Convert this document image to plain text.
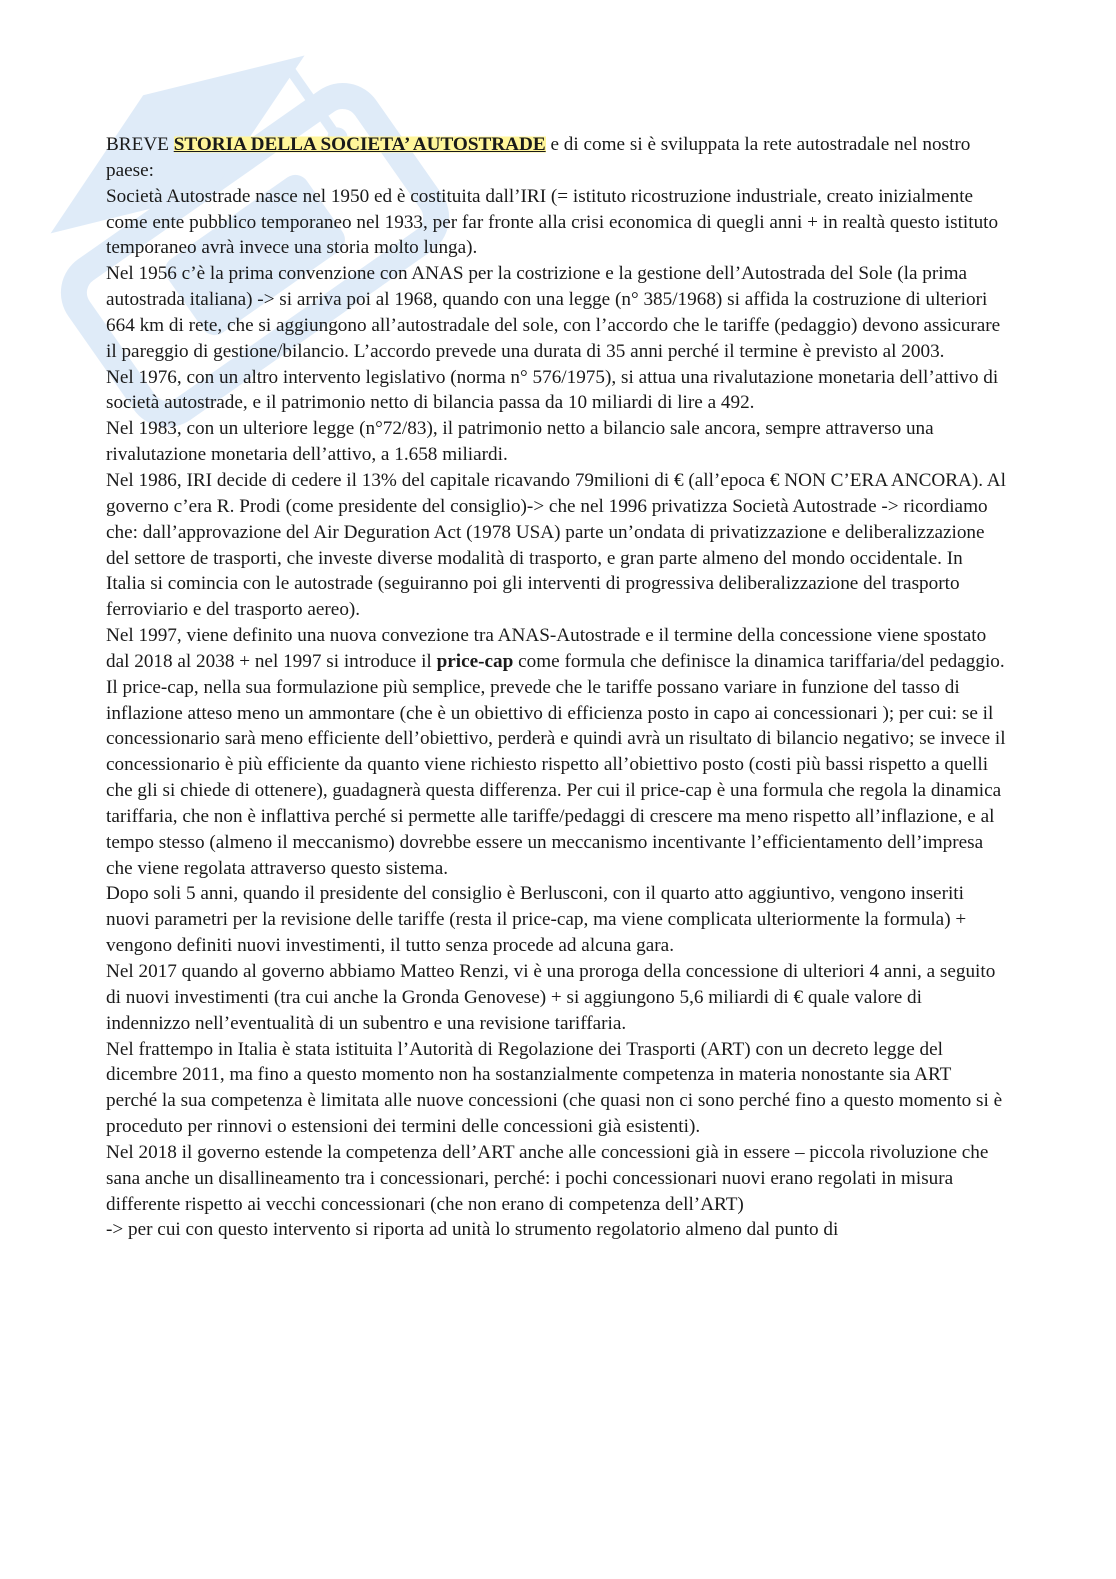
BREVE STORIA DELLA SOCIETA’ AUTOSTRADE e di come si è sviluppata la rete autostradale nel nostro paese:

Società Autostrade nasce nel 1950 ed è costituita dall’IRI (= istituto ricostruzione industriale, creato inizialmente come ente pubblico temporaneo nel 1933, per far fronte alla crisi economica di quegli anni + in realtà questo istituto temporaneo avrà invece una storia molto lunga).

Nel 1956 c’è la prima convenzione con ANAS per la costrizione e la gestione dell’Autostrada del Sole (la prima autostrada italiana) -> si arriva poi al 1968, quando con una legge (n° 385/1968) si affida la costruzione di ulteriori 664 km di rete, che si aggiungono all’autostradale del sole, con l’accordo che le tariffe (pedaggio) devono assicurare il pareggio di gestione/bilancio. L’accordo prevede una durata di 35 anni perché il termine è previsto al 2003.

Nel 1976, con un altro intervento legislativo (norma n° 576/1975), si attua una rivalutazione monetaria dell’attivo di società autostrade, e il patrimonio netto di bilancia passa da 10 miliardi di lire a 492.

Nel 1983, con un ulteriore legge (n°72/83), il patrimonio netto a bilancio sale ancora, sempre attraverso una rivalutazione monetaria dell’attivo, a 1.658 miliardi.

Nel 1986, IRI decide di cedere il 13% del capitale ricavando 79milioni di € (all’epoca € NON C’ERA ANCORA). Al governo c’era R. Prodi (come presidente del consiglio)-> che nel 1996 privatizza Società Autostrade -> ricordiamo che: dall’approvazione del Air Deguration Act (1978 USA) parte un’ondata di privatizzazione e deliberalizzazione del settore de trasporti, che investe diverse modalità di trasporto, e gran parte almeno del mondo occidentale. In Italia si comincia con le autostrade (seguiranno poi gli interventi di progressiva deliberalizzazione del trasporto ferroviario e del trasporto aereo).

Nel 1997, viene definito una nuova convezione tra ANAS-Autostrade e il termine della concessione viene spostato dal 2018 al 2038 + nel 1997 si introduce il price-cap come formula che definisce la dinamica tariffaria/del pedaggio.

Il price-cap, nella sua formulazione più semplice, prevede che le tariffe possano variare in funzione del tasso di inflazione atteso meno un ammontare (che è un obiettivo di efficienza posto in capo ai concessionari ); per cui: se il concessionario sarà meno efficiente dell’obiettivo, perderà e quindi avrà un risultato di bilancio negativo; se invece il concessionario è più efficiente da quanto viene richiesto rispetto all’obiettivo posto (costi più bassi rispetto a quelli che gli si chiede di ottenere), guadagnerà questa differenza. Per cui il price-cap è una formula che regola la dinamica tariffaria, che non è inflattiva perché si permette alle tariffe/pedaggi di crescere ma meno rispetto all’inflazione, e al tempo stesso (almeno il meccanismo) dovrebbe essere un meccanismo incentivante l’efficientamento dell’impresa che viene regolata attraverso questo sistema.

Dopo soli 5 anni, quando il presidente del consiglio è Berlusconi, con il quarto atto aggiuntivo, vengono inseriti nuovi parametri per la revisione delle tariffe (resta il price-cap, ma viene complicata ulteriormente la formula) + vengono definiti nuovi investimenti, il tutto senza procede ad alcuna gara.

Nel 2017 quando al governo abbiamo Matteo Renzi, vi è una proroga della concessione di ulteriori 4 anni, a seguito di nuovi investimenti (tra cui anche la Gronda Genovese) + si aggiungono 5,6 miliardi di € quale valore di indennizzo nell’eventualità di un subentro e una revisione tariffaria.

Nel frattempo in Italia è stata istituita l’Autorità di Regolazione dei Trasporti (ART) con un decreto legge del dicembre 2011, ma fino a questo momento non ha sostanzialmente competenza in materia nonostante sia ART perché la sua competenza è limitata alle nuove concessioni (che quasi non ci sono perché fino a questo momento si è proceduto per rinnovi o estensioni dei termini delle concessioni già esistenti).

Nel 2018 il governo estende la competenza dell’ART anche alle concessioni già in essere – piccola rivoluzione che sana anche un disallineamento tra i concessionari, perché: i pochi concessionari nuovi erano regolati in misura differente rispetto ai vecchi concessionari (che non erano di competenza dell’ART)

-> per cui con questo intervento si riporta ad unità lo strumento regolatorio almeno dal punto di
